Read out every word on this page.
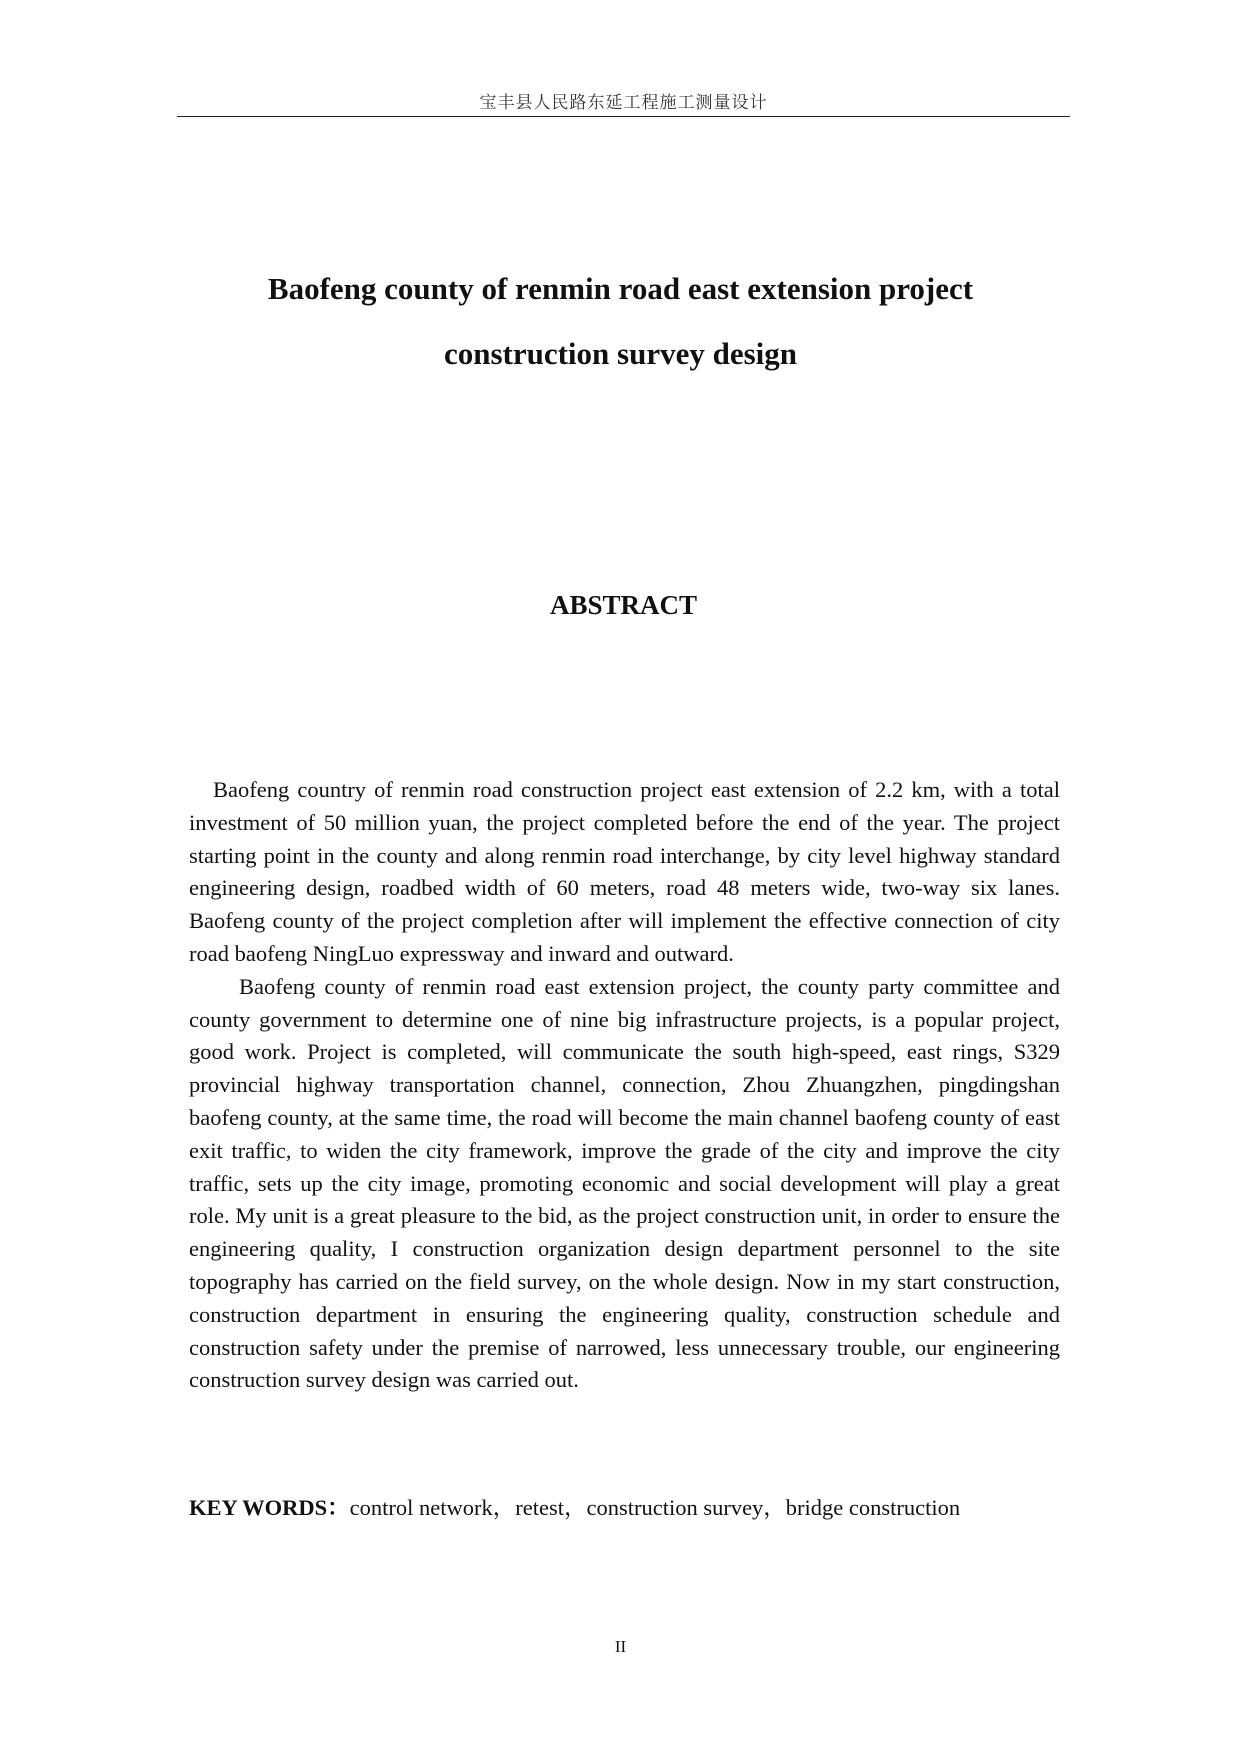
宝丰县人民路东延工程施工测量设计
Baofeng county of renmin road east extension project
construction survey design
ABSTRACT

Baofeng country of renmin road construction project east extension of 2.2 km, with a total investment of 50 million yuan, the project completed before the end of the year. The project starting point in the county and along renmin road interchange, by city level highway standard engineering design, roadbed width of 60 meters, road 48 meters wide, two-way six lanes. Baofeng county of the project completion after will implement the effective connection of city road baofeng NingLuo expressway and inward and outward.

Baofeng county of renmin road east extension project, the county party committee and county government to determine one of nine big infrastructure projects, is a popular project, good work. Project is completed, will communicate the south high-speed, east rings, S329 provincial highway transportation channel, connection, Zhou Zhuangzhen, pingdingshan baofeng county, at the same time, the road will become the main channel baofeng county of east exit traffic, to widen the city framework, improve the grade of the city and improve the city traffic, sets up the city image, promoting economic and social development will play a great role. My unit is a great pleasure to the bid, as the project construction unit, in order to ensure the engineering quality, I construction organization design department personnel to the site topography has carried on the field survey, on the whole design. Now in my start construction, construction department in ensuring the engineering quality, construction schedule and construction safety under the premise of narrowed, less unnecessary trouble, our engineering construction survey design was carried out.

KEY WORDS：control network，retest，construction survey，bridge construction

II
